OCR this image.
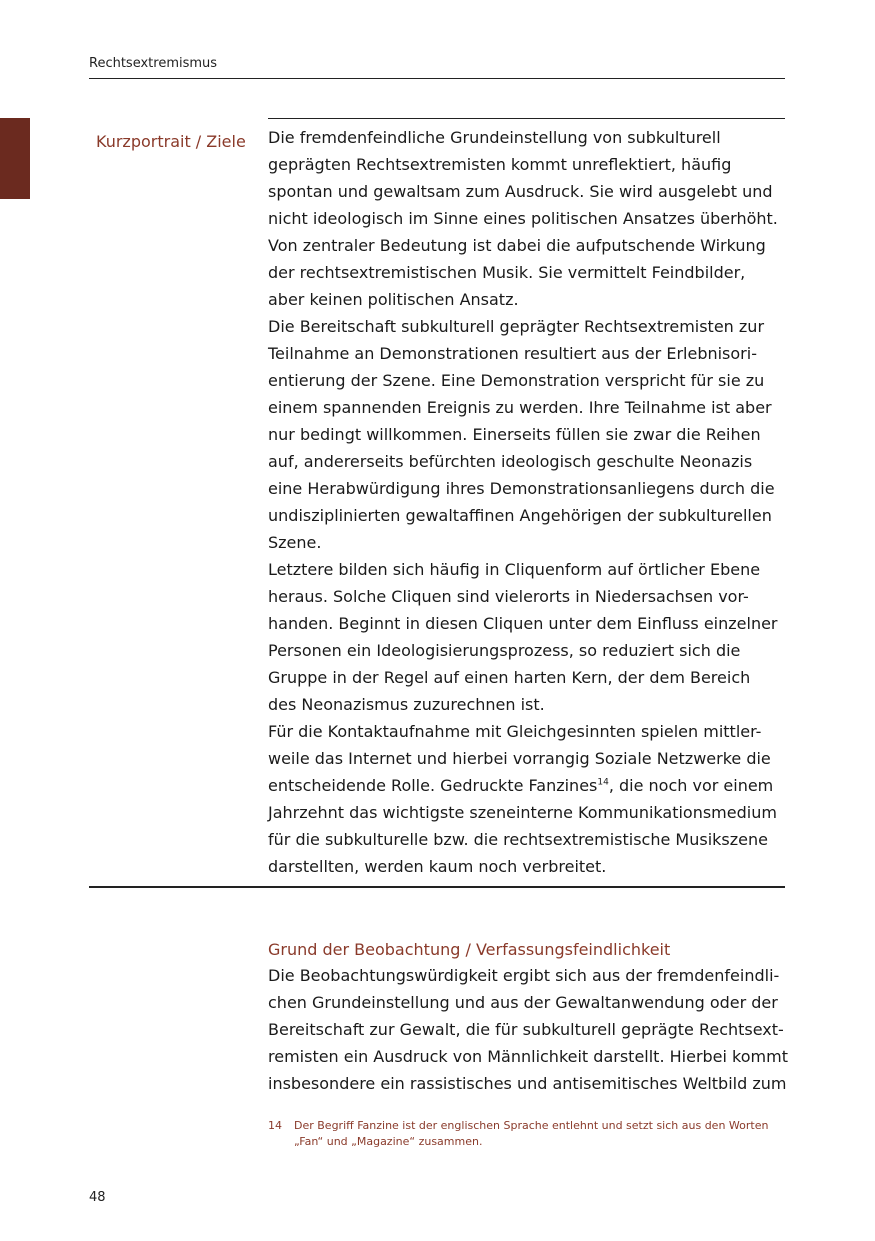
Rechtsextremismus
Kurzportrait / Ziele Die fremdenfeindliche Grundeinstellung von subkulturell
geprägten Rechtsextremisten kommt unreflektiert, häufig
spontan und gewaltsam zum Ausdruck. Sie wird ausgelebt und
nicht ideologisch im Sinne eines politischen Ansatzes überhöht.
Von zentraler Bedeutung ist dabei die aufputschende Wirkung
der rechtsextremistischen Musik. Sie vermittelt Feindbilder,
aber keinen politischen Ansatz.

Die Bereitschaft subkulturell geprägter Rechtsextremisten zur
Teilnahme an Demonstrationen resultiert aus der Erlebnisori-
entierung der Szene. Eine Demonstration verspricht für sie zu
einem spannenden Ereignis zu werden. Ihre Teilnahme ist aber
nur bedingt willkommen. Einerseits füllen sie zwar die Reihen
auf, andererseits befürchten ideologisch geschulte Neonazis
eine Herabwürdigung ihres Demonstrationsanliegens durch die
undisziplinierten gewaltaffinen Angehörigen der subkulturellen
Szene.

Letztere bilden sich häufig in Cliquenform auf örtlicher Ebene
heraus. Solche Cliquen sind vielerorts in Niedersachsen vor-
handen. Beginnt in diesen Cliquen unter dem Einfluss einzelner
Personen ein Ideologisierungsprozess, so reduziert sich die
Gruppe in der Regel auf einen harten Kern, der dem Bereich
des Neonazismus zuzurechnen ist.

Für die Kontaktaufnahme mit Gleichgesinnten spielen mittler-
weile das Internet und hierbei vorrangig Soziale Netzwerke die
entscheidende Rolle. Gedruckte Fanzines$^{14}$, die noch vor einem
Jahrzehnt das wichtigste szeneinterne Kommunikationsmedium
für die subkulturelle bzw. die rechtsextremistische Musikszene
darstellten, werden kaum noch verbreitet.

Grund der Beobachtung / Verfassungsfeindlichkeit

Die Beobachtungswürdigkeit ergibt sich aus der fremdenfeindli-
chen Grundeinstellung und aus der Gewaltanwendung oder der
Bereitschaft zur Gewalt, die für subkulturell geprägte Rechtsext-
remisten ein Ausdruck von Männlichkeit darstellt. Hierbei kommt
insbesondere ein rassistisches und antisemitisches Weltbild zum

14 Der Begriff Fanzine ist der englischen Sprache entlehnt und setzt sich aus den Worten
„Fan“ und „Magazine“ zusammen.
48
